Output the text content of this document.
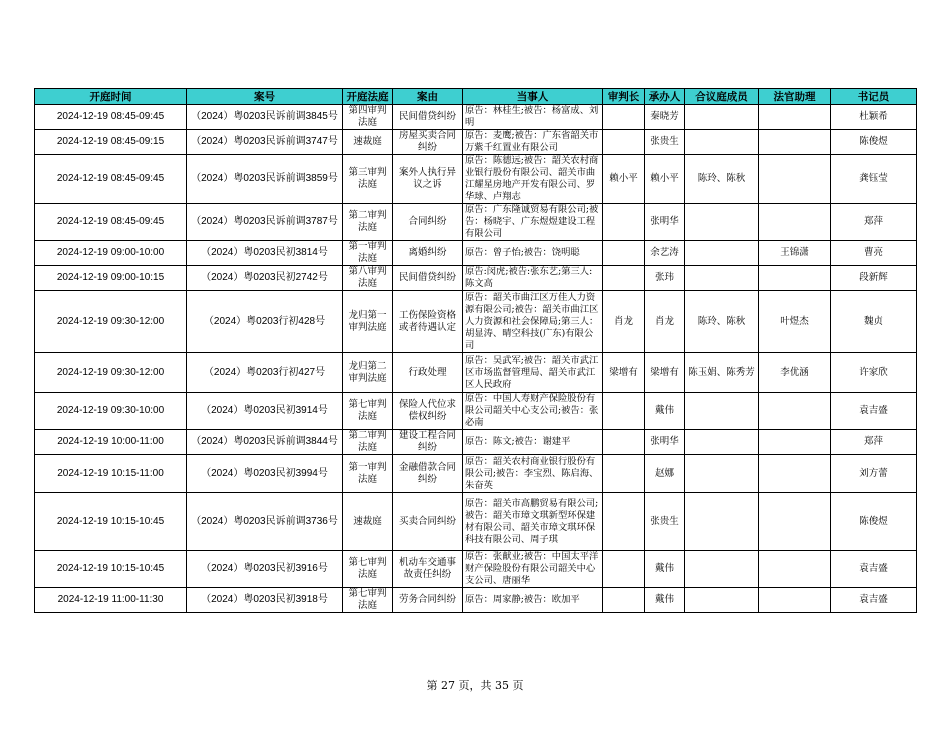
开庭时间	案号	开庭法庭	案由	当事人	审判长	承办人	合议庭成员	法官助理	书记员
2024-12-19 08:45-09:45	（2024）粤0203民诉前调3845号	第四审判法庭	民间借贷纠纷	原告：林桂生;被告：杨富成、刘明		秦晓芳			杜颖希
2024-12-19 08:45-09:15	（2024）粤0203民诉前调3747号	速裁庭	房屋买卖合同纠纷	原告：麦鹰;被告：广东省韶关市万紫千红置业有限公司		张贵生			陈俊煜
2024-12-19 08:45-09:45	（2024）粤0203民诉前调3859号	第三审判法庭	案外人执行异议之诉	原告：陈德远;被告：韶关农村商业银行股份有限公司、韶关市曲江耀星房地产开发有限公司、罗华球、卢翔志	赖小平	赖小平	陈玲、陈秋		龚钰莹
2024-12-19 08:45-09:45	（2024）粤0203民诉前调3787号	第二审判法庭	合同纠纷	原告：广东隆诚贸易有限公司;被告：杨晓宇、广东煜煜建设工程有限公司		张明华			郑萍
2024-12-19 09:00-10:00	（2024）粤0203民初3814号	第一审判法庭	离婚纠纷	原告：曾子怡;被告：饶明聪		余艺涛		王锦潇	曹亮
2024-12-19 09:00-10:15	（2024）粤0203民初2742号	第八审判法庭	民间借贷纠纷	原告:闵虎;被告:张东艺;第三人:陈文高		张玮			段新辉
2024-12-19 09:30-12:00	（2024）粤0203行初428号	龙归第一审判法庭	工伤保险资格或者待遇认定	原告：韶关市曲江区万佳人力资源有限公司;被告：韶关市曲江区人力资源和社会保障局;第三人：胡显涛、晴空科技(广东)有限公司	肖龙	肖龙	陈玲、陈秋	叶煜杰	魏贞
2024-12-19 09:30-12:00	（2024）粤0203行初427号	龙归第二审判法庭	行政处理	原告：吴武军;被告：韶关市武江区市场监督管理局、韶关市武江区人民政府	梁增有	梁增有	陈玉娟、陈秀芳	李优涵	许家欣
2024-12-19 09:30-10:00	（2024）粤0203民初3914号	第七审判法庭	保险人代位求偿权纠纷	原告：中国人寿财产保险股份有限公司韶关中心支公司;被告：张必南		戴伟			袁吉盛
2024-12-19 10:00-11:00	（2024）粤0203民诉前调3844号	第二审判法庭	建设工程合同纠纷	原告：陈文;被告：谢建平		张明华			郑萍
2024-12-19 10:15-11:00	（2024）粤0203民初3994号	第一审判法庭	金融借款合同纠纷	原告：韶关农村商业银行股份有限公司;被告：李宝烈、陈启海、朱奋英		赵娜			刘方蕾
2024-12-19 10:15-10:45	（2024）粤0203民诉前调3736号	速裁庭	买卖合同纠纷	原告：韶关市高鹏贸易有限公司;被告：韶关市璋文琪新型环保建材有限公司、韶关市璋文琪环保科技有限公司、周子琪		张贵生			陈俊煜
2024-12-19 10:15-10:45	（2024）粤0203民初3916号	第七审判法庭	机动车交通事故责任纠纷	原告：张献业;被告：中国太平洋财产保险股份有限公司韶关中心支公司、唐丽华		戴伟			袁吉盛
2024-12-19 11:00-11:30	（2024）粤0203民初3918号	第七审判法庭	劳务合同纠纷	原告：周家静;被告：欧加平		戴伟			袁吉盛
第 27 页，共 35 页
